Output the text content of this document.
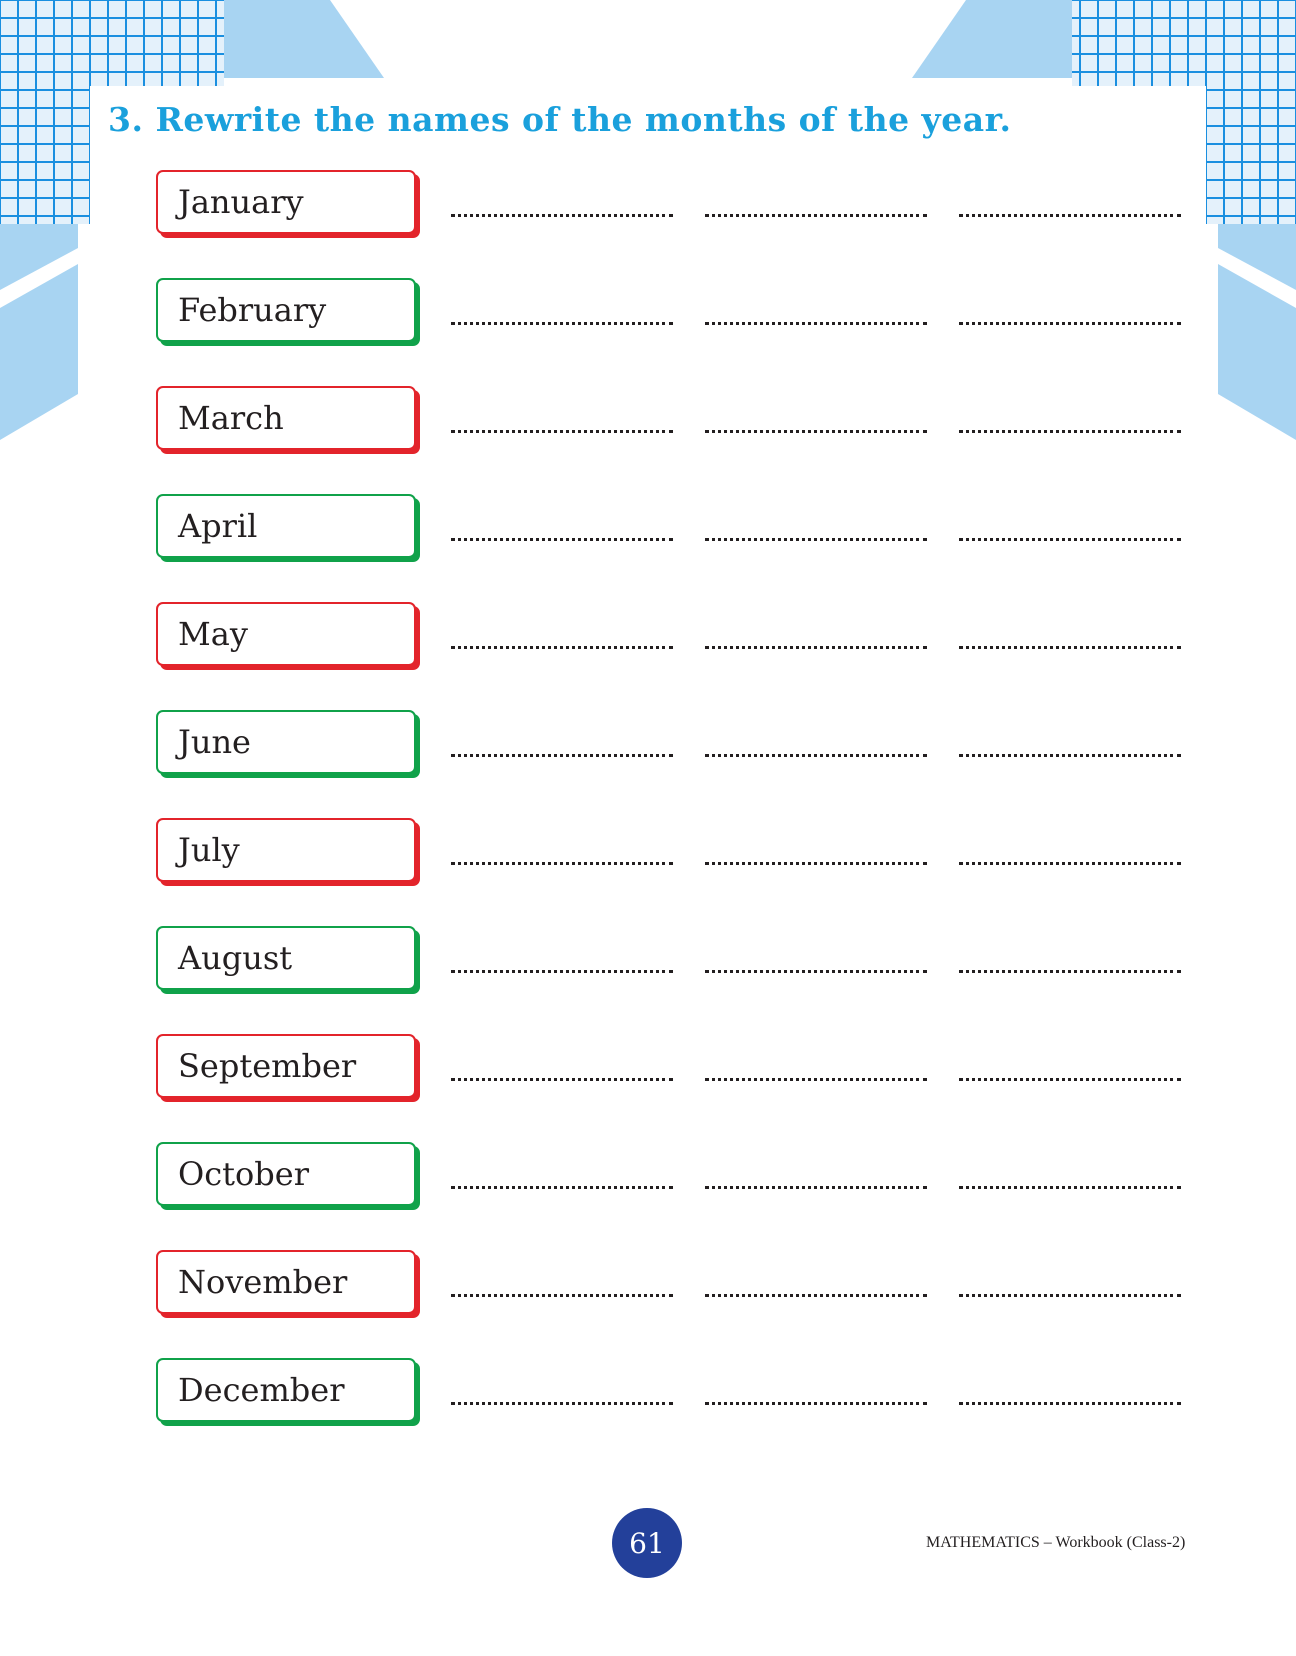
3. Rewrite the names of the months of the year.
January
February
March
April
May
June
July
August
September
October
November
December
61	MATHEMATICS – Workbook (Class-2)
